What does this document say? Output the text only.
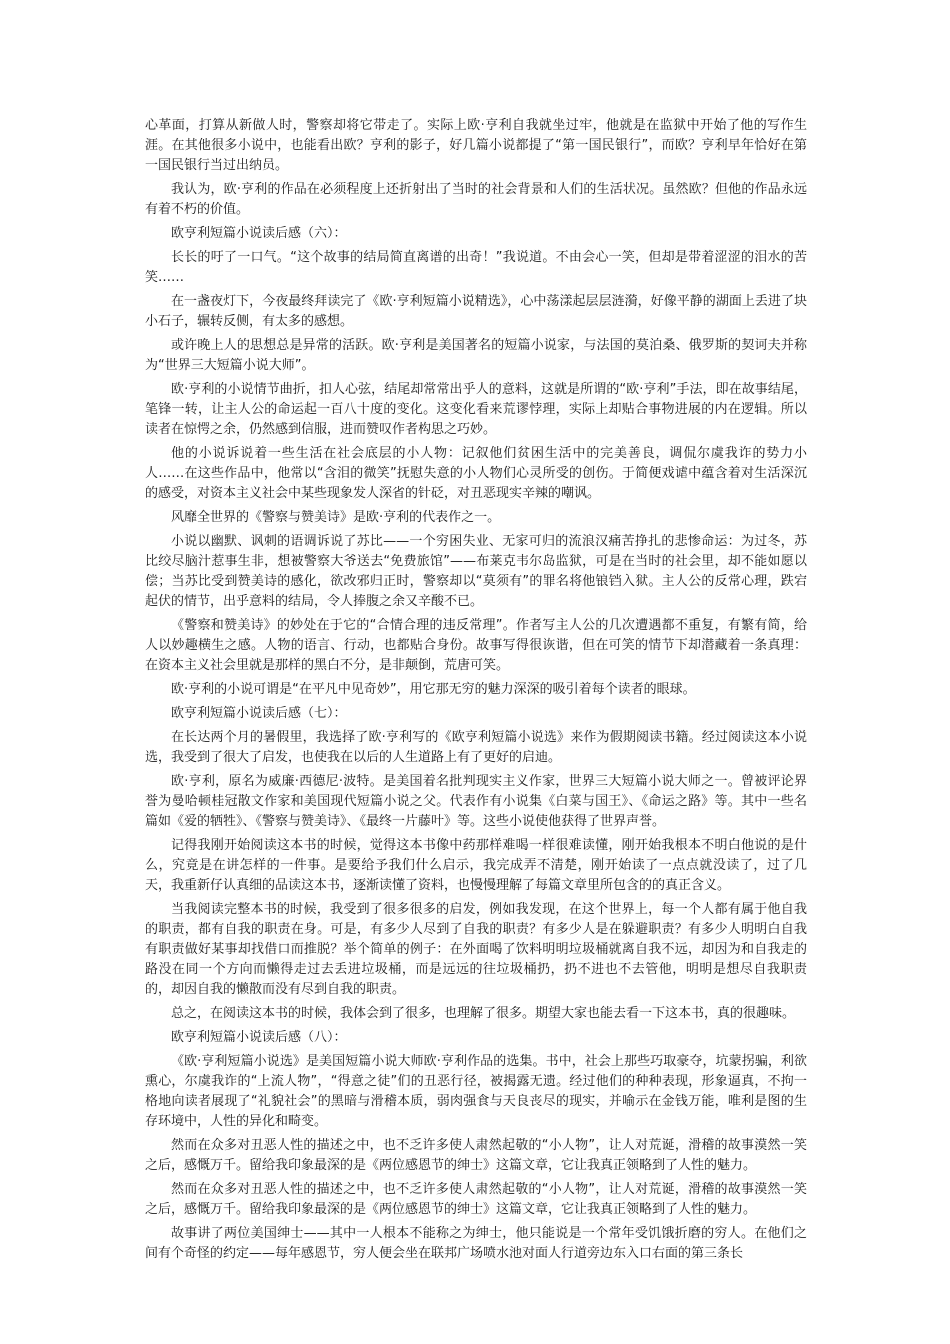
心革面，打算从新做人时，警察却将它带走了。实际上欧·亨利自我就坐过牢，他就是在监狱中开始了他的写作生涯。在其他很多小说中，也能看出欧？亨利的影子，好几篇小说都提了“第一国民银行”，而欧？亨利早年恰好在第一国民银行当过出纳员。

我认为，欧·亨利的作品在必须程度上还折射出了当时的社会背景和人们的生活状况。虽然欧？但他的作品永远有着不朽的价值。

欧亨利短篇小说读后感（六）：

长长的吁了一口气。“这个故事的结局简直离谱的出奇！”我说道。不由会心一笑，但却是带着涩涩的泪水的苦笑……

在一盏夜灯下，今夜最终拜读完了《欧·亨利短篇小说精选》，心中荡漾起层层涟漪，好像平静的湖面上丢进了块小石子，辗转反侧，有太多的感想。

或许晚上人的思想总是异常的活跃。欧·亨利是美国著名的短篇小说家，与法国的莫泊桑、俄罗斯的契诃夫并称为“世界三大短篇小说大师”。

欧·亨利的小说情节曲折，扣人心弦，结尾却常常出乎人的意料，这就是所谓的“欧·亨利”手法，即在故事结尾，笔锋一转，让主人公的命运起一百八十度的变化。这变化看来荒谬悖理，实际上却贴合事物进展的内在逻辑。所以读者在惊愕之余，仍然感到信服，进而赞叹作者构思之巧妙。

他的小说诉说着一些生活在社会底层的小人物：记叙他们贫困生活中的完美善良，调侃尔虞我诈的势力小人……在这些作品中，他常以“含泪的微笑”抚慰失意的小人物们心灵所受的创伤。于简便戏谑中蕴含着对生活深沉的感受，对资本主义社会中某些现象发人深省的针砭，对丑恶现实辛辣的嘲讽。

风靡全世界的《警察与赞美诗》是欧·亨利的代表作之一。

小说以幽默、讽刺的语调诉说了苏比——一个穷困失业、无家可归的流浪汉痛苦挣扎的悲惨命运：为过冬，苏比绞尽脑汁惹事生非，想被警察大爷送去“免费旅馆”——布莱克韦尔岛监狱，可是在当时的社会里，却不能如愿以偿；当苏比受到赞美诗的感化，欲改邪归正时，警察却以“莫须有”的罪名将他锒铛入狱。主人公的反常心理，跌宕起伏的情节，出乎意料的结局，令人捧腹之余又辛酸不已。

《警察和赞美诗》的妙处在于它的“合情合理的违反常理”。作者写主人公的几次遭遇都不重复，有繁有简，给人以妙趣横生之感。人物的语言、行动，也都贴合身份。故事写得很诙谐，但在可笑的情节下却潜藏着一条真理：在资本主义社会里就是那样的黑白不分，是非颠倒，荒唐可笑。

欧·亨利的小说可谓是“在平凡中见奇妙”，用它那无穷的魅力深深的吸引着每个读者的眼球。

欧亨利短篇小说读后感（七）：

在长达两个月的暑假里，我选择了欧·亨利写的《欧亨利短篇小说选》来作为假期阅读书籍。经过阅读这本小说选，我受到了很大了启发，也使我在以后的人生道路上有了更好的启迪。

欧·亨利，原名为威廉·西德尼·波特。是美国着名批判现实主义作家，世界三大短篇小说大师之一。曾被评论界誉为曼哈顿桂冠散文作家和美国现代短篇小说之父。代表作有小说集《白菜与国王》、《命运之路》等。其中一些名篇如《爱的牺牲》、《警察与赞美诗》、《最终一片藤叶》等。这些小说使他获得了世界声誉。

记得我刚开始阅读这本书的时候，觉得这本书像中药那样难喝一样很难读懂，刚开始我根本不明白他说的是什么，究竟是在讲怎样的一件事。是要给予我们什么启示，我完成弄不清楚，刚开始读了一点点就没读了，过了几天，我重新仔认真细的品读这本书，逐渐读懂了资料，也慢慢理解了每篇文章里所包含的的真正含义。

当我阅读完整本书的时候，我受到了很多很多的启发，例如我发现，在这个世界上，每一个人都有属于他自我的职责，都有自我的职责在身。可是，有多少人尽到了自我的职责？有多少人是在躲避职责？有多少人明明白自我有职责做好某事却找借口而推脱？举个简单的例子：在外面喝了饮料明明垃圾桶就离自我不远，却因为和自我走的路没在同一个方向而懒得走过去丢进垃圾桶，而是远远的往垃圾桶扔，扔不进也不去管他，明明是想尽自我职责的，却因自我的懒散而没有尽到自我的职责。

总之，在阅读这本书的时候，我体会到了很多，也理解了很多。期望大家也能去看一下这本书，真的很趣味。

欧亨利短篇小说读后感（八）：

《欧·亨利短篇小说选》是美国短篇小说大师欧·亨利作品的选集。书中，社会上那些巧取豪夺，坑蒙拐骗，利欲熏心，尔虞我诈的“上流人物”，“得意之徒”们的丑恶行径，被揭露无遗。经过他们的种种表现，形象逼真，不拘一格地向读者展现了“礼貌社会”的黑暗与滑稽本质，弱肉强食与天良丧尽的现实，并喻示在金钱万能，唯利是图的生存环境中，人性的异化和畸变。

然而在众多对丑恶人性的描述之中，也不乏许多使人肃然起敬的“小人物”，让人对荒诞，滑稽的故事漠然一笑之后，感慨万千。留给我印象最深的是《两位感恩节的绅士》这篇文章，它让我真正领略到了人性的魅力。

然而在众多对丑恶人性的描述之中，也不乏许多使人肃然起敬的“小人物”，让人对荒诞，滑稽的故事漠然一笑之后，感慨万千。留给我印象最深的是《两位感恩节的绅士》这篇文章，它让我真正领略到了人性的魅力。

故事讲了两位美国绅士——其中一人根本不能称之为绅士，他只能说是一个常年受饥饿折磨的穷人。在他们之间有个奇怪的约定——每年感恩节，穷人便会坐在联邦广场喷水池对面人行道旁边东入口右面的第三条长
